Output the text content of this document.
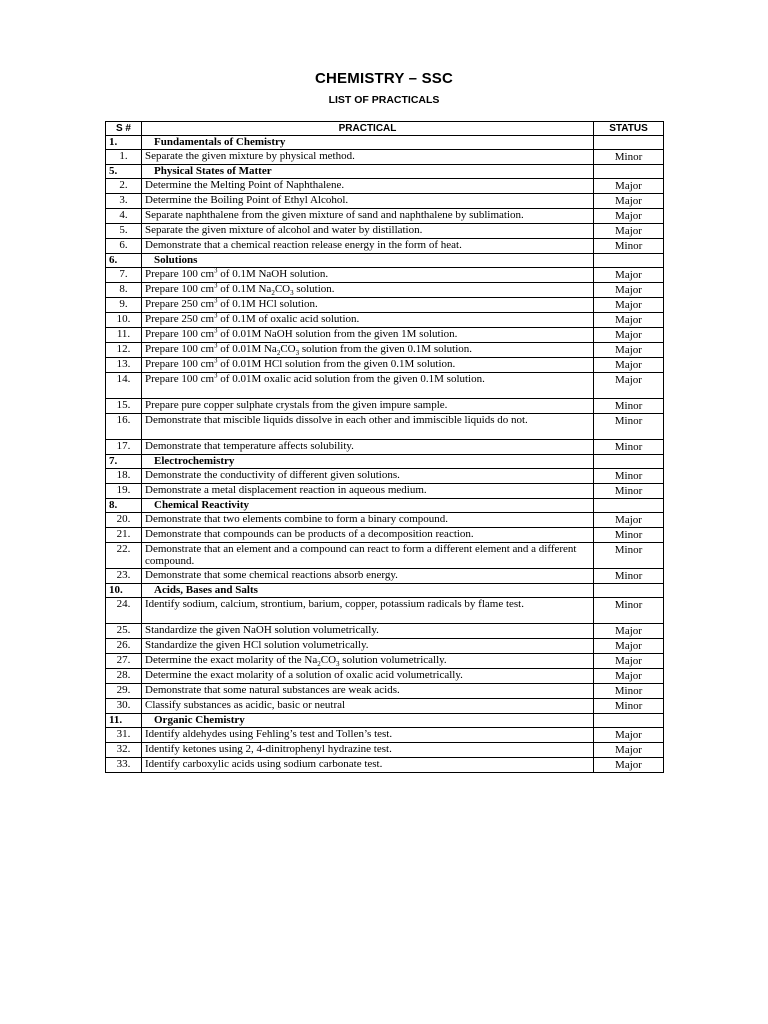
CHEMISTRY – SSC
LIST OF PRACTICALS
S #	PRACTICAL	STATUS
1.	Fundamentals of Chemistry	
1.	Separate the given mixture by physical method.	Minor
5.	Physical States of Matter	
2.	Determine the Melting Point of Naphthalene.	Major
3.	Determine the Boiling Point of Ethyl Alcohol.	Major
4.	Separate naphthalene from the given mixture of sand and naphthalene by sublimation.	Major
5.	Separate the given mixture of alcohol and water by distillation.	Major
6.	Demonstrate that a chemical reaction release energy in the form of heat.	Minor
6.	Solutions	
7.	Prepare 100 $cm^3$ of 0.1M NaOH solution.	Major
8.	Prepare 100 $cm^3$ of 0.1M $Na_2CO_3$ solution.	Major
9.	Prepare 250 $cm^3$ of 0.1M HCl solution.	Major
10.	Prepare 250 $cm^3$ of 0.1M of oxalic acid solution.	Major
11.	Prepare 100 $cm^3$ of 0.01M NaOH solution from the given 1M solution.	Major
12.	Prepare 100 $cm^3$ of 0.01M $Na_2CO_3$ solution from the given 0.1M solution.	Major
13.	Prepare 100 $cm^3$ of 0.01M HCl solution from the given 0.1M solution.	Major
14.	Prepare 100 $cm^3$ of 0.01M oxalic acid solution from the given 0.1M solution.	Major
15.	Prepare pure copper sulphate crystals from the given impure sample.	Minor
16.	Demonstrate that miscible liquids dissolve in each other and immiscible liquids do not.	Minor
17.	Demonstrate that temperature affects solubility.	Minor
7.	Electrochemistry	
18.	Demonstrate the conductivity of different given solutions.	Minor
19.	Demonstrate a metal displacement reaction in aqueous medium.	Minor
8.	Chemical Reactivity	
20.	Demonstrate that two elements combine to form a binary compound.	Major
21.	Demonstrate that compounds can be products of a decomposition reaction.	Minor
22.	Demonstrate that an element and a compound can react to form a different element and a different compound.	Minor
23.	Demonstrate that some chemical reactions absorb energy.	Minor
10.	Acids, Bases and Salts	
24.	Identify sodium, calcium, strontium, barium, copper, potassium radicals by flame test.	Minor
25.	Standardize the given NaOH solution volumetrically.	Major
26.	Standardize the given HCl solution volumetrically.	Major
27.	Determine the exact molarity of the $Na_2CO_3$ solution volumetrically.	Major
28.	Determine the exact molarity of a solution of oxalic acid volumetrically.	Major
29.	Demonstrate that some natural substances are weak acids.	Minor
30.	Classify substances as acidic, basic or neutral	Minor
11.	Organic Chemistry	
31.	Identify aldehydes using Fehling’s test and Tollen’s test.	Major
32.	Identify ketones using 2, 4-dinitrophenyl hydrazine test.	Major
33.	Identify carboxylic acids using sodium carbonate test.	Major
